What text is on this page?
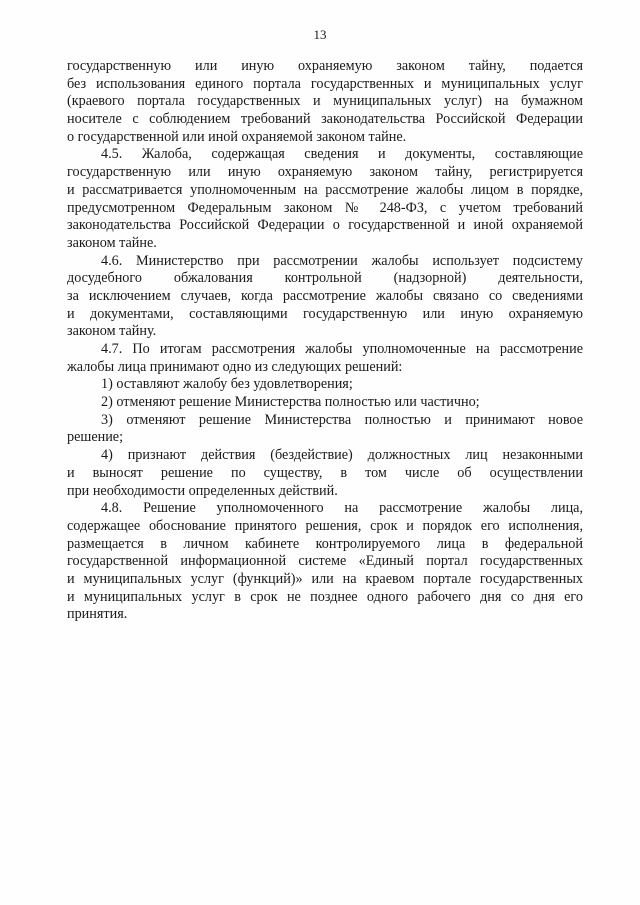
13
государственную или иную охраняемую законом тайну, подается
без использования единого портала государственных и муниципальных услуг
(краевого портала государственных и муниципальных услуг) на бумажном
носителе с соблюдением требований законодательства Российской Федерации
о государственной или иной охраняемой законом тайне.
4.5. Жалоба, содержащая сведения и документы, составляющие
государственную или иную охраняемую законом тайну, регистрируется
и рассматривается уполномоченным на рассмотрение жалобы лицом в порядке,
предусмотренном Федеральным законом № 248-ФЗ, с учетом требований
законодательства Российской Федерации о государственной и иной охраняемой
законом тайне.
4.6. Министерство при рассмотрении жалобы использует подсистему
досудебного обжалования контрольной (надзорной) деятельности,
за исключением случаев, когда рассмотрение жалобы связано со сведениями
и документами, составляющими государственную или иную охраняемую
законом тайну.
4.7. По итогам рассмотрения жалобы уполномоченные на рассмотрение
жалобы лица принимают одно из следующих решений:
1) оставляют жалобу без удовлетворения;
2) отменяют решение Министерства полностью или частично;
3) отменяют решение Министерства полностью и принимают новое
решение;
4) признают действия (бездействие) должностных лиц незаконными
и выносят решение по существу, в том числе об осуществлении
при необходимости определенных действий.
4.8. Решение уполномоченного на рассмотрение жалобы лица,
содержащее обоснование принятого решения, срок и порядок его исполнения,
размещается в личном кабинете контролируемого лица в федеральной
государственной информационной системе «Единый портал государственных
и муниципальных услуг (функций)» или на краевом портале государственных
и муниципальных услуг в срок не позднее одного рабочего дня со дня его
принятия.
